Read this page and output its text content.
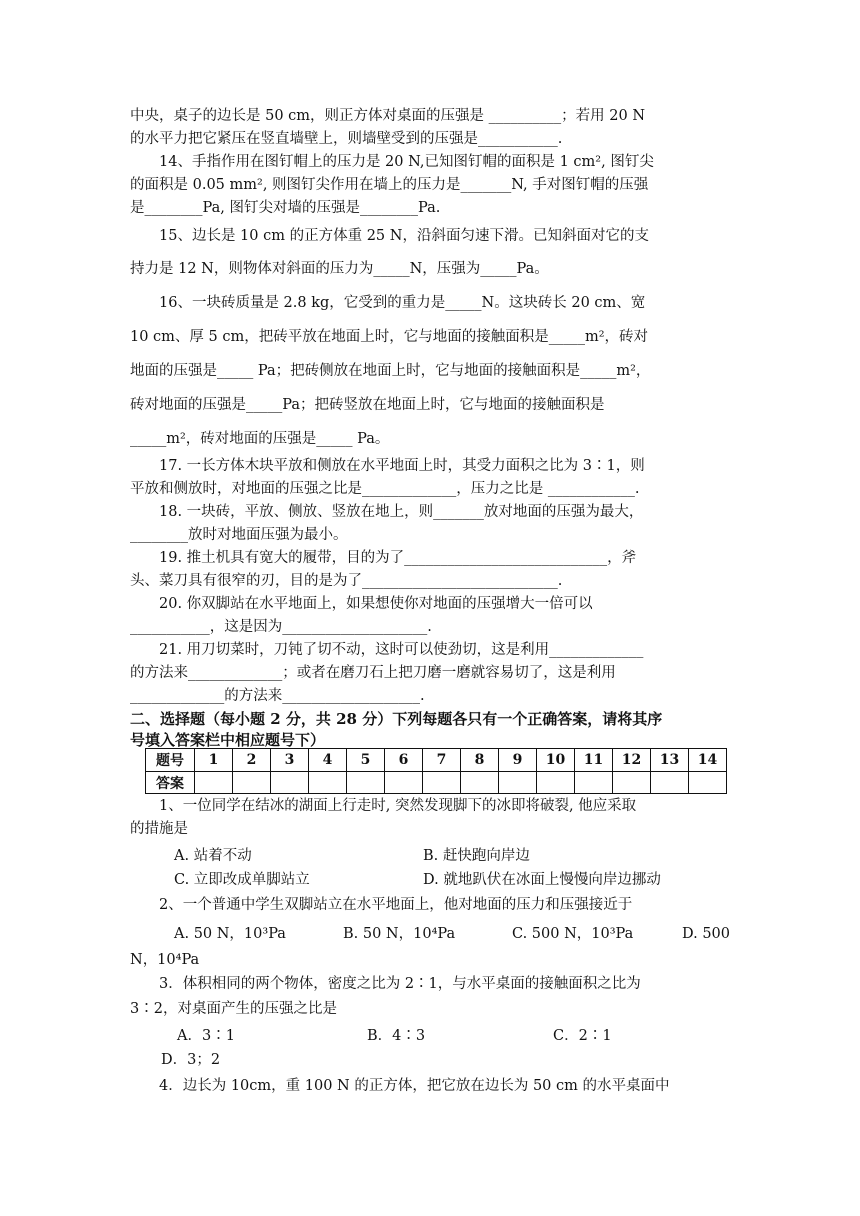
中央，桌子的边长是 50 cm，则正方体对桌面的压强是 __________；若用 20 N
的水平力把它紧压在竖直墙壁上，则墙壁受到的压强是___________.
14、手指作用在图钉帽上的压力是 20 N,已知图钉帽的面积是 1 cm², 图钉尖
的面积是 0.05 mm², 则图钉尖作用在墙上的压力是_______N, 手对图钉帽的压强
是________Pa, 图钉尖对墙的压强是________Pa.
15、边长是 10 cm 的正方体重 25 N，沿斜面匀速下滑。已知斜面对它的支
持力是 12 N，则物体对斜面的压力为_____N，压强为_____Pa。
16、一块砖质量是 2.8 kg，它受到的重力是_____N。这块砖长 20 cm、宽
10 cm、厚 5 cm，把砖平放在地面上时，它与地面的接触面积是_____m²，砖对
地面的压强是_____ Pa；把砖侧放在地面上时，它与地面的接触面积是_____m²，
砖对地面的压强是_____Pa；把砖竖放在地面上时，它与地面的接触面积是
_____m²，砖对地面的压强是_____ Pa。
17. 一长方体木块平放和侧放在水平地面上时，其受力面积之比为 3∶1，则
平放和侧放时，对地面的压强之比是_____________，压力之比是 ____________.
18. 一块砖，平放、侧放、竖放在地上，则_______放对地面的压强为最大，
________放时对地面压强为最小。
19. 推土机具有宽大的履带，目的为了____________________________，斧
头、菜刀具有很窄的刃，目的是为了___________________________.
20. 你双脚站在水平地面上，如果想使你对地面的压强增大一倍可以
___________，这是因为____________________.
21. 用刀切菜时，刀钝了切不动，这时可以使劲切，这是利用_____________
的方法来_____________；或者在磨刀石上把刀磨一磨就容易切了，这是利用
_____________的方法来___________________.
二、选择题（每小题 2 分，共 28 分）下列每题各只有一个正确答案，请将其序
号填入答案栏中相应题号下）
题号	1	2	3	4	5	6	7	8	9	10	11	12	13	14
答案														
1、一位同学在结冰的湖面上行走时, 突然发现脚下的冰即将破裂, 他应采取
的措施是
A. 站着不动	B. 赶快跑向岸边
C. 立即改成单脚站立	D. 就地趴伏在冰面上慢慢向岸边挪动
2、一个普通中学生双脚站立在水平地面上，他对地面的压力和压强接近于
A. 50 N，10³Pa	B. 50 N，10⁴Pa	C. 500 N，10³Pa	D. 500
N，10⁴Pa
3．体积相同的两个物体，密度之比为 2∶1，与水平桌面的接触面积之比为
3∶2，对桌面产生的压强之比是
A．3∶1	B．4∶3	C．2∶1
D．3；2
4．边长为 10cm，重 100 N 的正方体，把它放在边长为 50 cm 的水平桌面中
